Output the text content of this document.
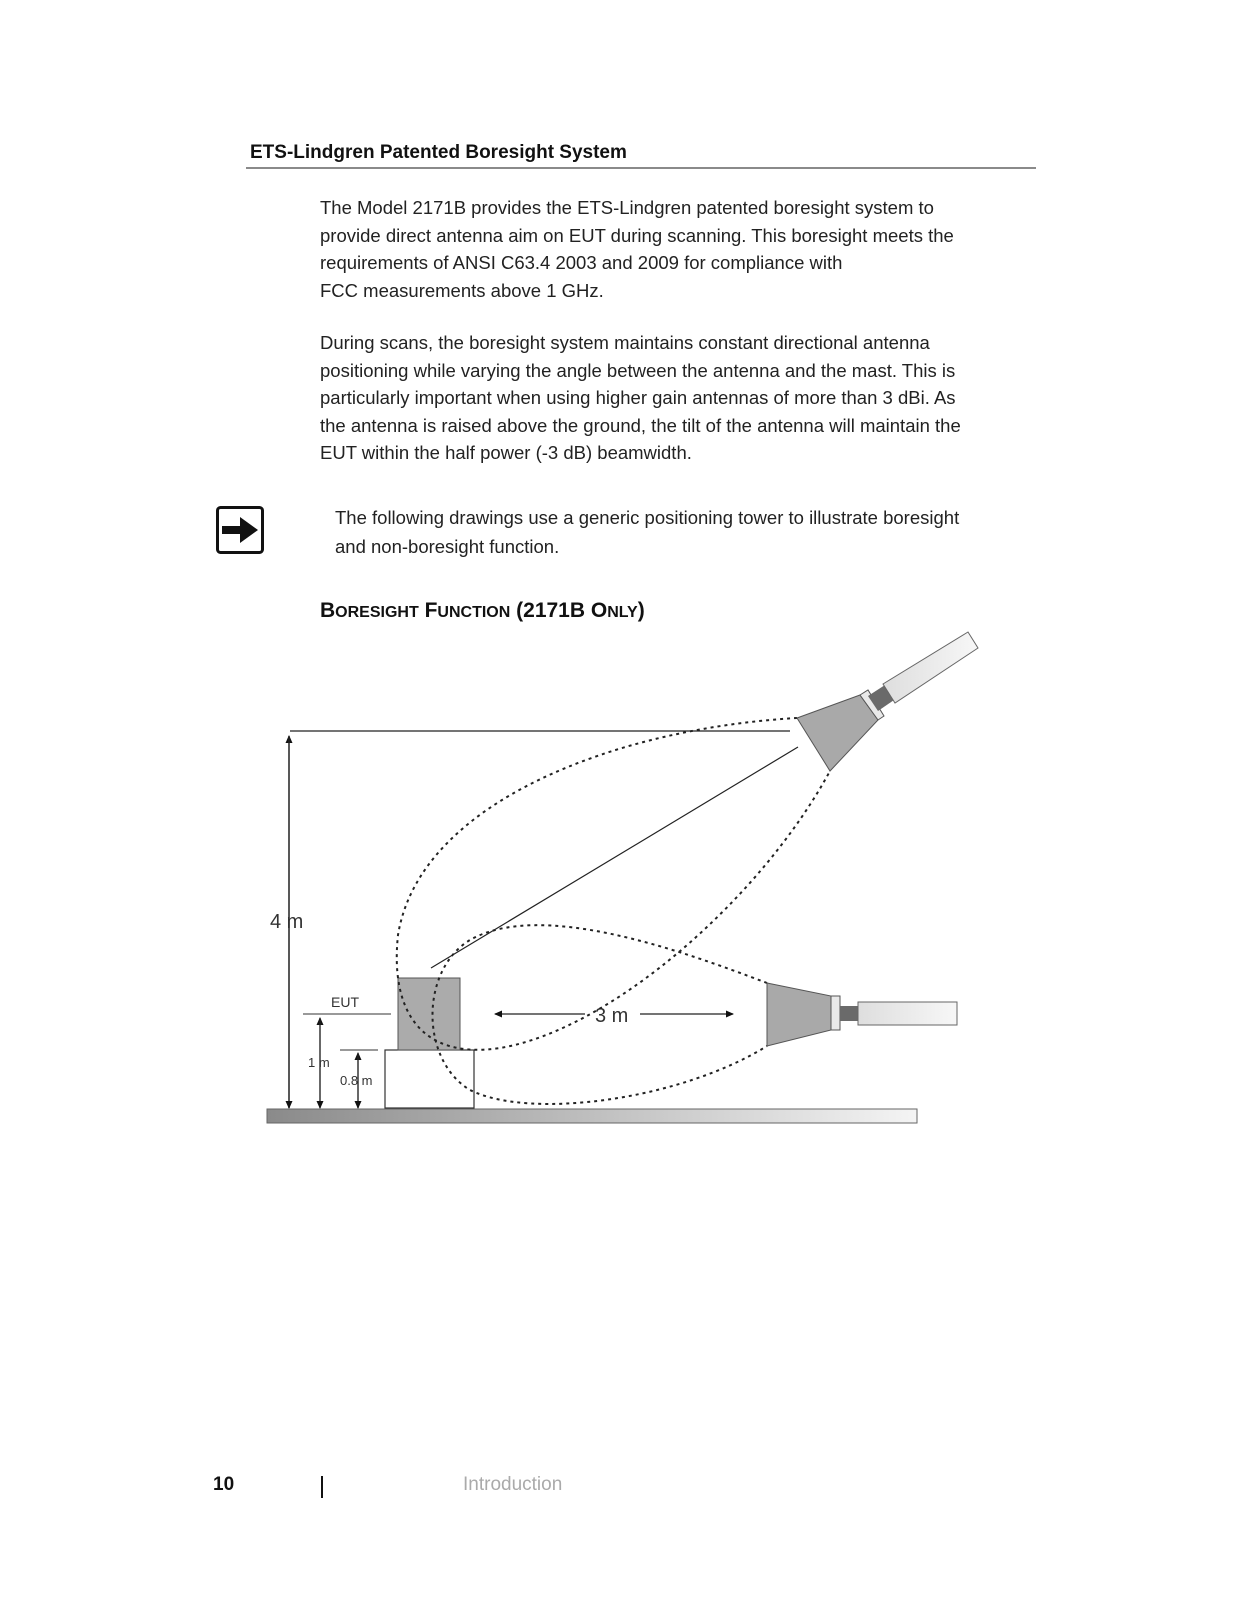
ETS-Lindgren Patented Boresight System

The Model 2171B provides the ETS-Lindgren patented boresight system to
provide direct antenna aim on EUT during scanning. This boresight meets the
requirements of ANSI C63.4 2003 and 2009 for compliance with
FCC measurements above 1 GHz.

During scans, the boresight system maintains constant directional antenna
positioning while varying the angle between the antenna and the mast. This is
particularly important when using higher gain antennas of more than 3 dBi. As
the antenna is raised above the ground, the tilt of the antenna will maintain the
EUT within the half power (-3 dB) beamwidth.

The following drawings use a generic positioning tower to illustrate boresight
and non-boresight function.

BORESIGHT FUNCTION (2171B ONLY)
4 m
EUT
1 m
0.8 m
3 m
10	Introduction
